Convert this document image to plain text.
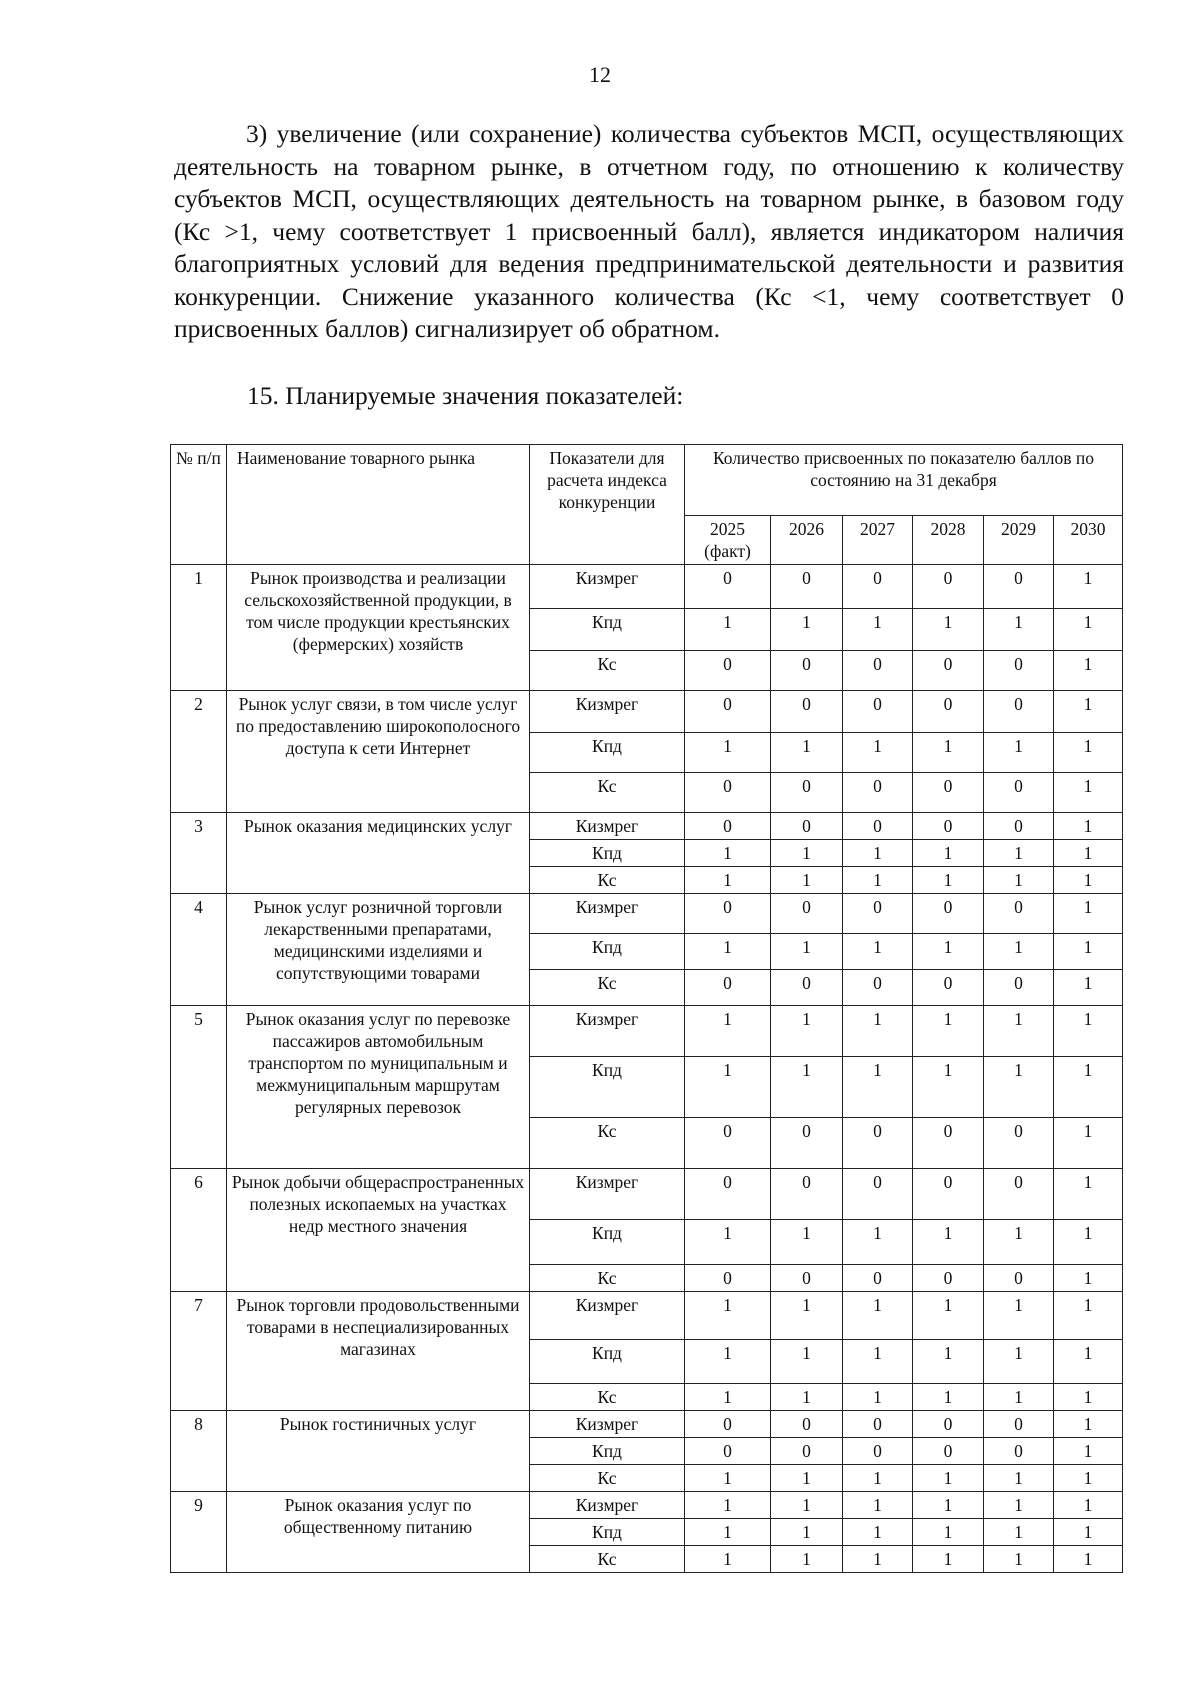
12

3) увеличение (или сохранение) количества субъектов МСП, осуществляющих деятельность на товарном рынке, в отчетном году, по отношению к количеству субъектов МСП, осуществляющих деятельность на товарном рынке, в базовом году (Кс >1, чему соответствует 1 присвоенный балл), является индикатором наличия благоприятных условий для ведения предпринимательской деятельности и развития конкуренции. Снижение указанного количества (Кс <1, чему соответствует 0 присвоенных баллов) сигнализирует об обратном.

15. Планируемые значения показателей:
№ п/п	Наименование товарного рынка	Показатели для расчета индекса конкуренции	Количество присвоенных по показателю баллов по состоянию на 31 декабря					
			2025 (факт)	2026	2027	2028	2029	2030
1	Рынок производства и реализации сельскохозяйственной продукции, в том числе продукции крестьянских (фермерских) хозяйств	Кизмрег	0	0	0	0	0	1
		Кпд	1	1	1	1	1	1
		Кс	0	0	0	0	0	1
2	Рынок услуг связи, в том числе услуг по предоставлению широкополосного доступа к сети Интернет	Кизмрег	0	0	0	0	0	1
		Кпд	1	1	1	1	1	1
		Кс	0	0	0	0	0	1
3	Рынок оказания медицинских услуг	Кизмрег	0	0	0	0	0	1
		Кпд	1	1	1	1	1	1
		Кс	1	1	1	1	1	1
4	Рынок услуг розничной торговли лекарственными препаратами, медицинскими изделиями и сопутствующими товарами	Кизмрег	0	0	0	0	0	1
		Кпд	1	1	1	1	1	1
		Кс	0	0	0	0	0	1
5	Рынок оказания услуг по перевозке пассажиров автомобильным транспортом по муниципальным и межмуниципальным маршрутам регулярных перевозок	Кизмрег	1	1	1	1	1	1
		Кпд	1	1	1	1	1	1
		Кс	0	0	0	0	0	1
6	Рынок добычи общераспространенных полезных ископаемых на участках недр местного значения	Кизмрег	0	0	0	0	0	1
		Кпд	1	1	1	1	1	1
		Кс	0	0	0	0	0	1
7	Рынок торговли продовольственными товарами в неспециализированных магазинах	Кизмрег	1	1	1	1	1	1
		Кпд	1	1	1	1	1	1
		Кс	1	1	1	1	1	1
8	Рынок гостиничных услуг	Кизмрег	0	0	0	0	0	1
		Кпд	0	0	0	0	0	1
		Кс	1	1	1	1	1	1
9	Рынок оказания услуг по общественному питанию	Кизмрег	1	1	1	1	1	1
		Кпд	1	1	1	1	1	1
		Кс	1	1	1	1	1	1
